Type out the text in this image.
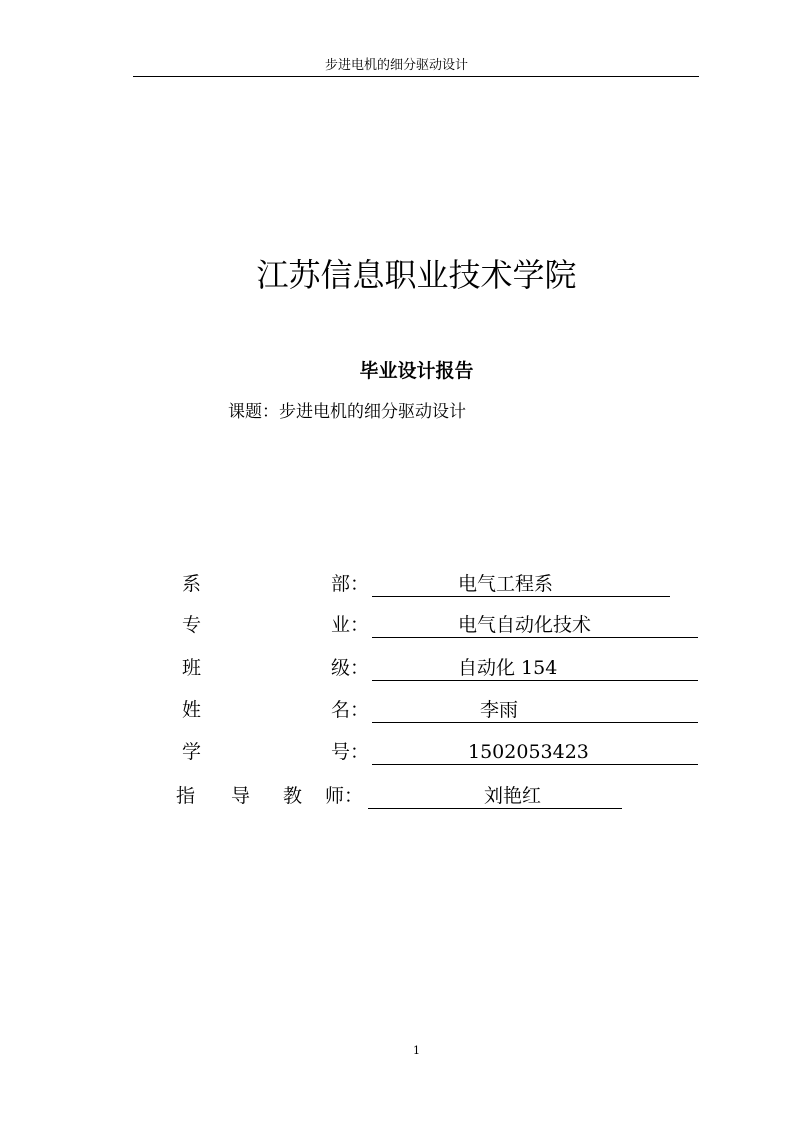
步进电机的细分驱动设计
江苏信息职业技术学院
毕业设计报告
课题：步进电机的细分驱动设计
系	部 ：	电气工程系
专	业 ：	电气自动化技术
班	级 ：	自动化 154
姓	名 ：	李雨
学	号 ：	1502053423
指 导 教 师 ：	刘艳红
1
